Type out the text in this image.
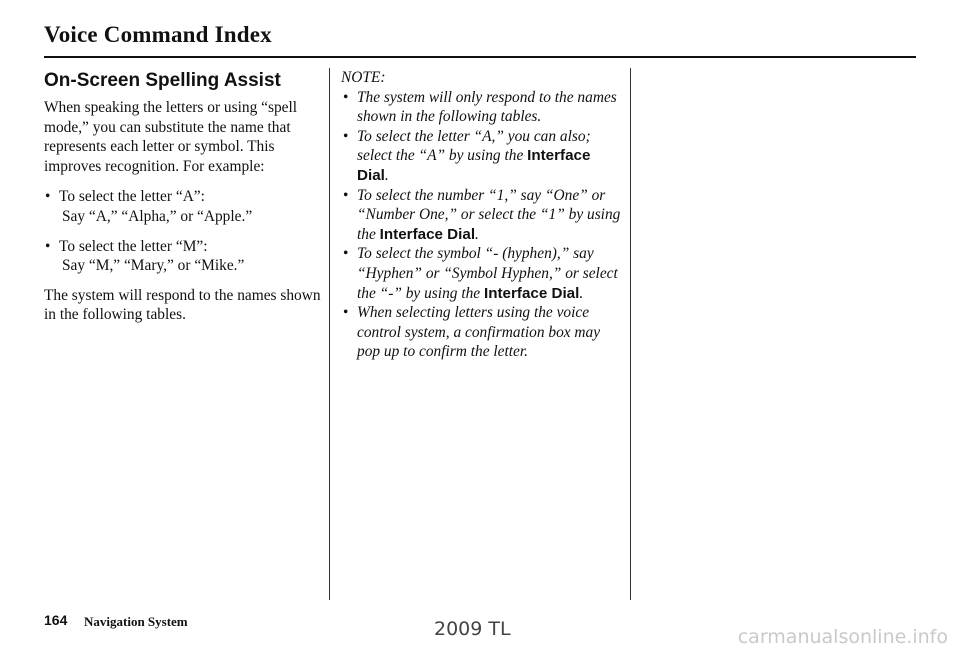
Voice Command Index
On-Screen Spelling Assist

When speaking the letters or using “spell mode,” you can substitute the name that represents each letter or symbol. This improves recognition. For example:

• To select the letter “A”:
Say “A,” “Alpha,” or “Apple.”
• To select the letter “M”:
Say “M,” “Mary,” or “Mike.”

The system will respond to the names shown in the following tables.

NOTE:

• The system will only respond to the names shown in the following tables.
• To select the letter “A,” you can also; select the “A” by using the Interface Dial.
• To select the number “1,” say “One” or “Number One,” or select the “1” by using the Interface Dial.
• To select the symbol “- (hyphen),” say “Hyphen” or “Symbol Hyphen,” or select the “-” by using the Interface Dial.
• When selecting letters using the voice control system, a confirmation box may pop up to confirm the letter.
164 Navigation System	2009 TL	carmanualsonline.info
